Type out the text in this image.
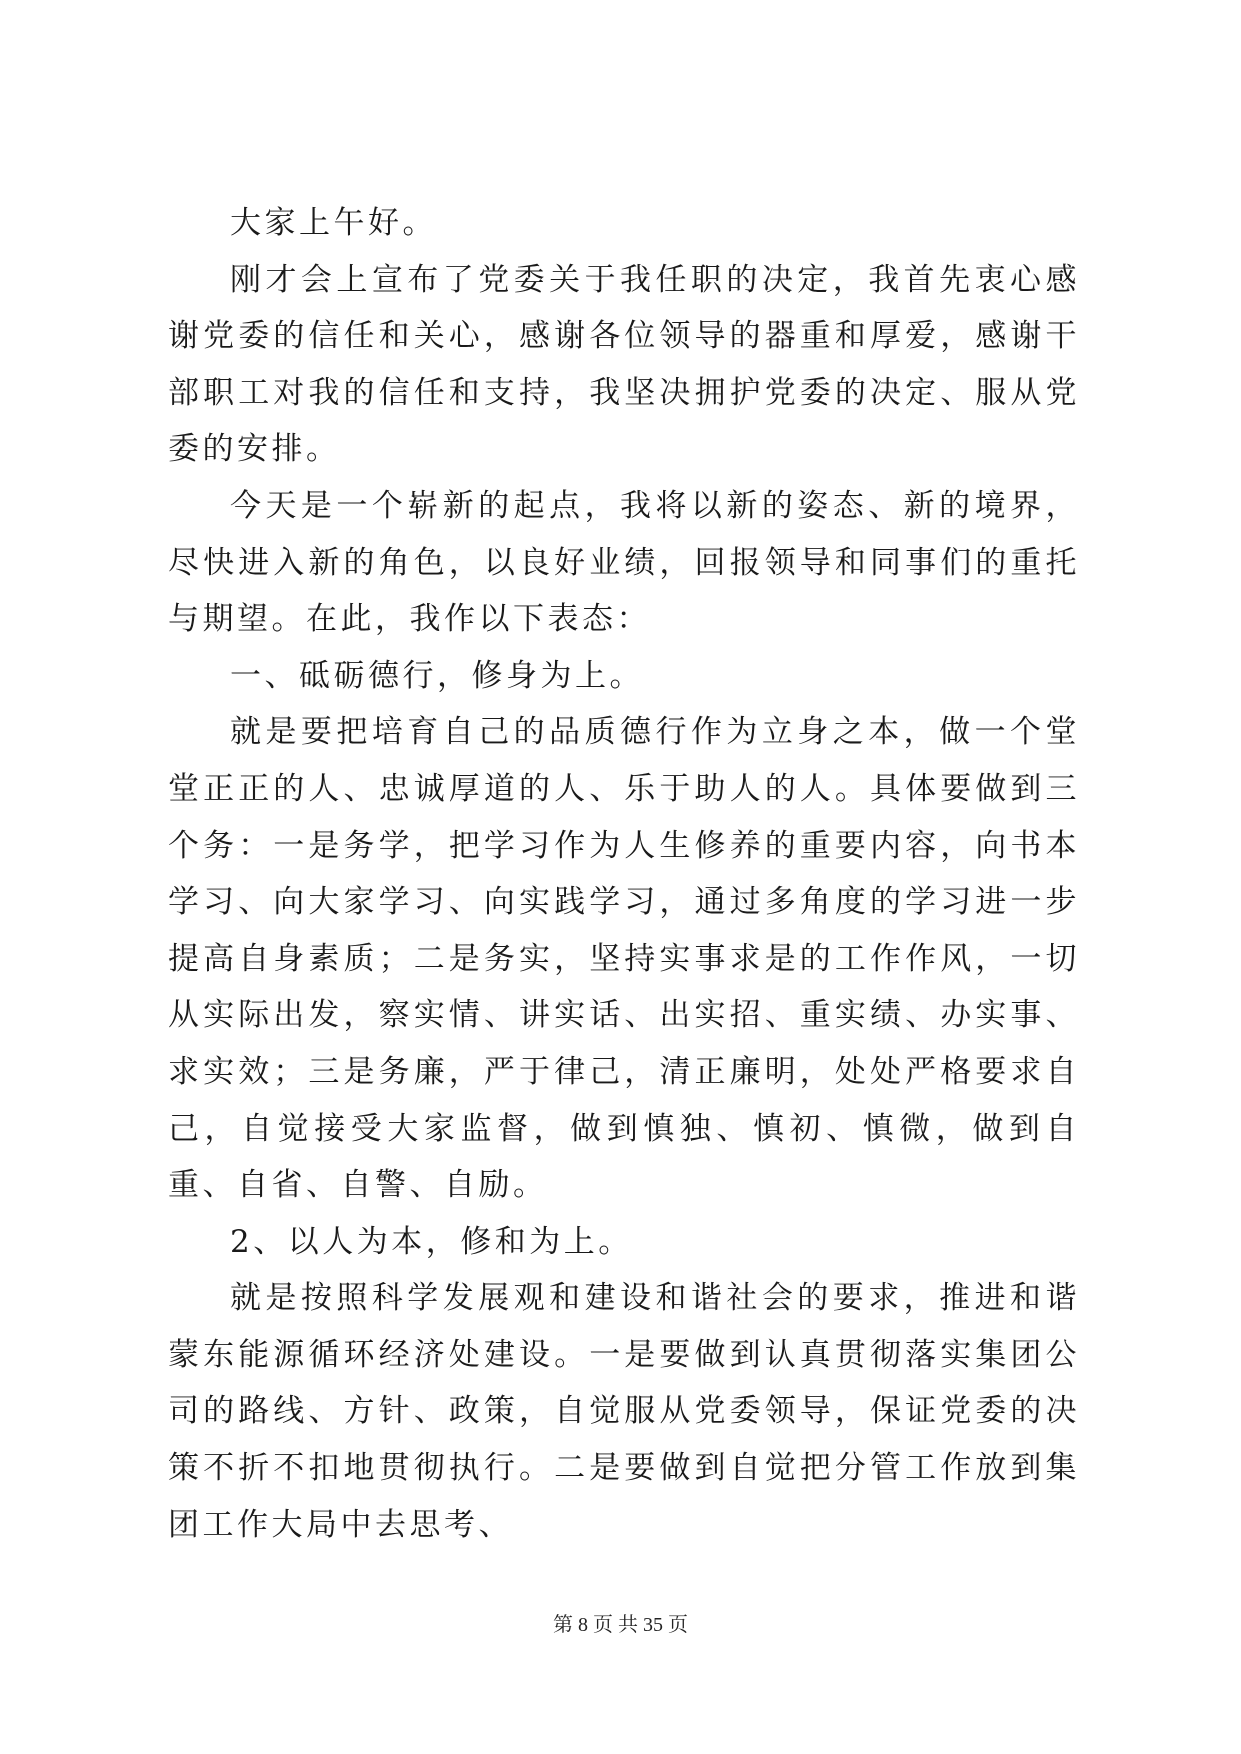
大家上午好。

刚才会上宣布了党委关于我任职的决定，我首先衷心感谢党委的信任和关心，感谢各位领导的器重和厚爱，感谢干部职工对我的信任和支持，我坚决拥护党委的决定、服从党委的安排。

今天是一个崭新的起点，我将以新的姿态、新的境界，尽快进入新的角色，以良好业绩，回报领导和同事们的重托与期望。在此，我作以下表态：

一、砥砺德行，修身为上。

就是要把培育自己的品质德行作为立身之本，做一个堂堂正正的人、忠诚厚道的人、乐于助人的人。具体要做到三个务：一是务学，把学习作为人生修养的重要内容，向书本学习、向大家学习、向实践学习，通过多角度的学习进一步提高自身素质；二是务实，坚持实事求是的工作作风，一切从实际出发，察实情、讲实话、出实招、重实绩、办实事、求实效；三是务廉，严于律己，清正廉明，处处严格要求自己，自觉接受大家监督，做到慎独、慎初、慎微，做到自重、自省、自警、自励。

2、以人为本，修和为上。

就是按照科学发展观和建设和谐社会的要求，推进和谐蒙东能源循环经济处建设。一是要做到认真贯彻落实集团公司的路线、方针、政策，自觉服从党委领导，保证党委的决策不折不扣地贯彻执行。二是要做到自觉把分管工作放到集团工作大局中去思考、

第 8 页 共 35 页
